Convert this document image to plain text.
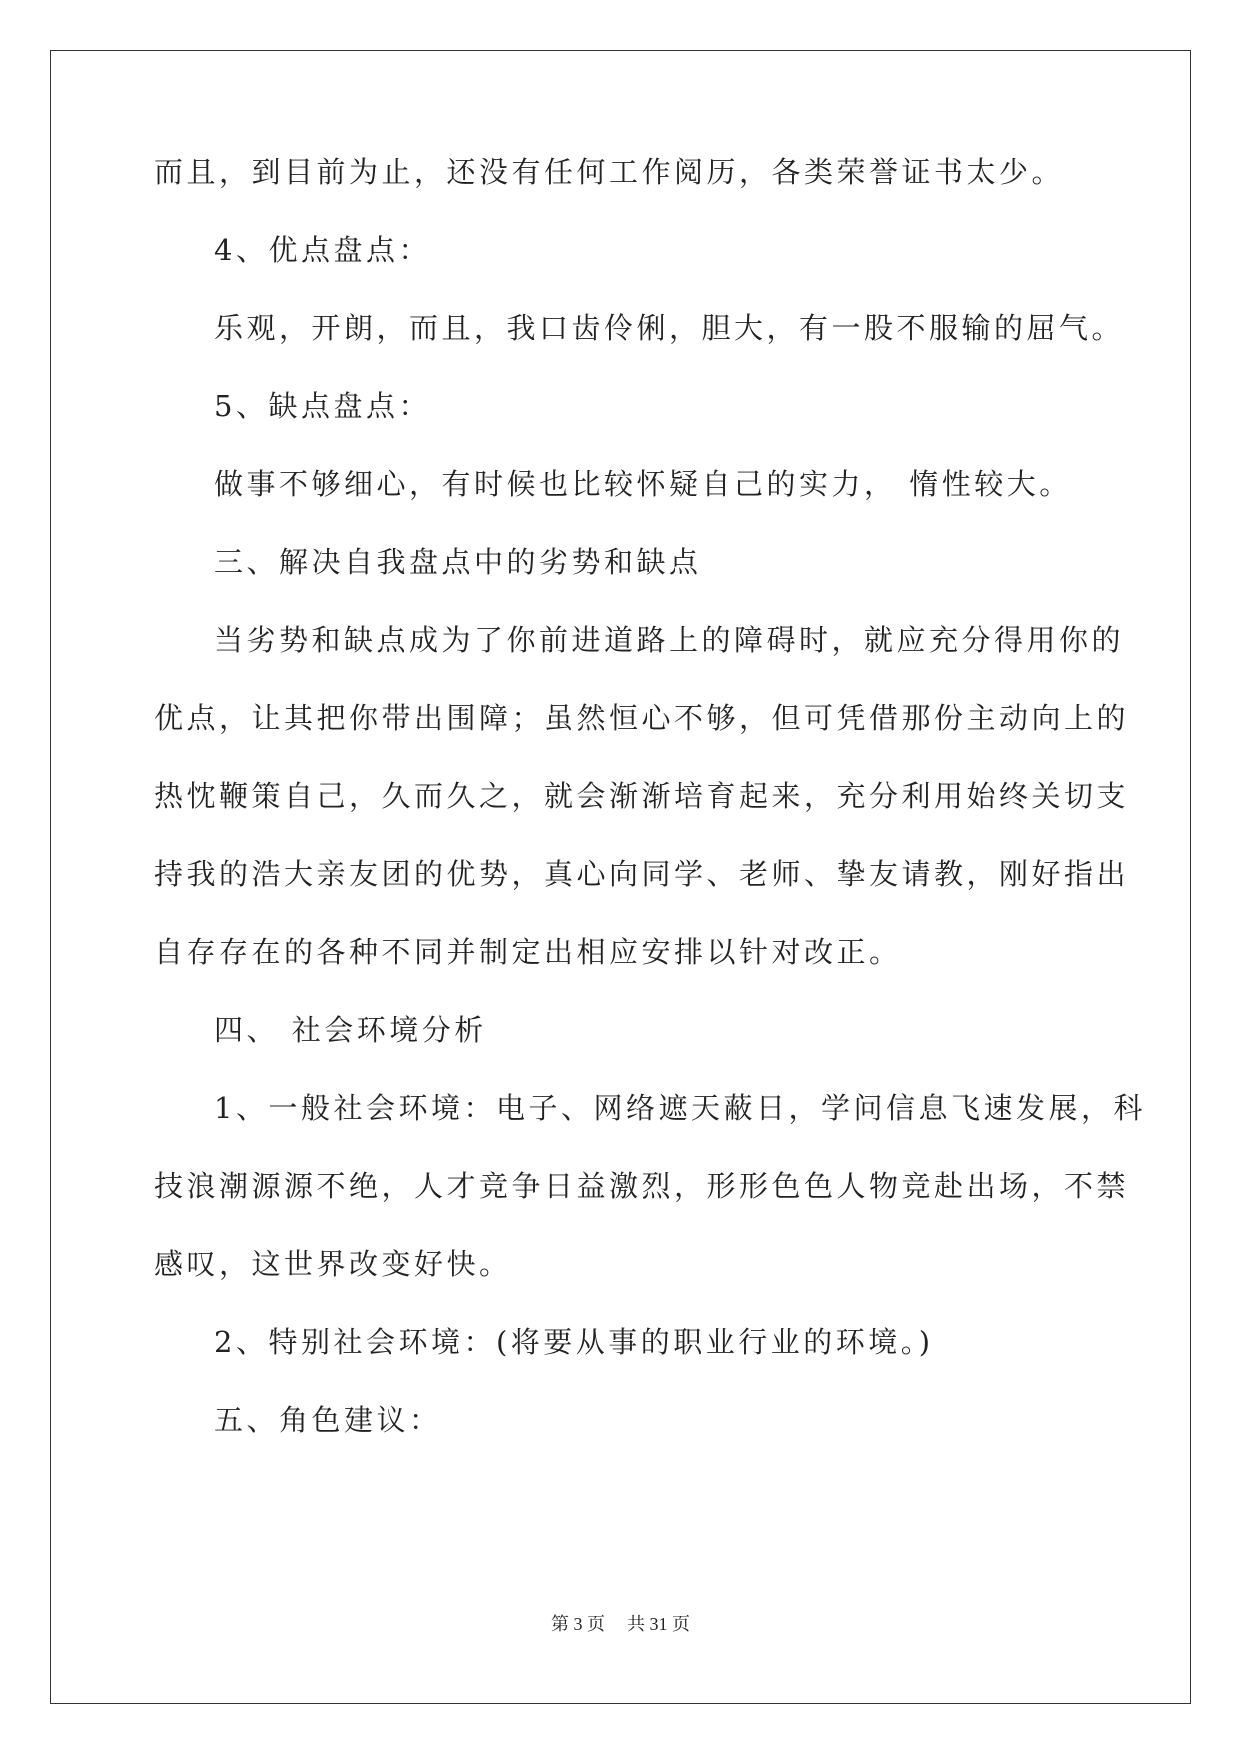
而且，到目前为止，还没有任何工作阅历，各类荣誉证书太少。
4、优点盘点：
乐观，开朗，而且，我口齿伶俐，胆大，有一股不服输的屈气。
5、缺点盘点：
做事不够细心，有时候也比较怀疑自己的实力， 惰性较大。
三、解决自我盘点中的劣势和缺点
当劣势和缺点成为了你前进道路上的障碍时，就应充分得用你的
优点，让其把你带出围障；虽然恒心不够，但可凭借那份主动向上的
热忱鞭策自己，久而久之，就会渐渐培育起来，充分利用始终关切支
持我的浩大亲友团的优势，真心向同学、老师、挚友请教，刚好指出
自存存在的各种不同并制定出相应安排以针对改正。
四、 社会环境分析
1、一般社会环境：电子、网络遮天蔽日，学问信息飞速发展，科
技浪潮源源不绝，人才竞争日益激烈，形形色色人物竞赴出场，不禁
感叹，这世界改变好快。
2、特别社会环境：(将要从事的职业行业的环境。)
五、角色建议：
第 3 页 共 31 页
